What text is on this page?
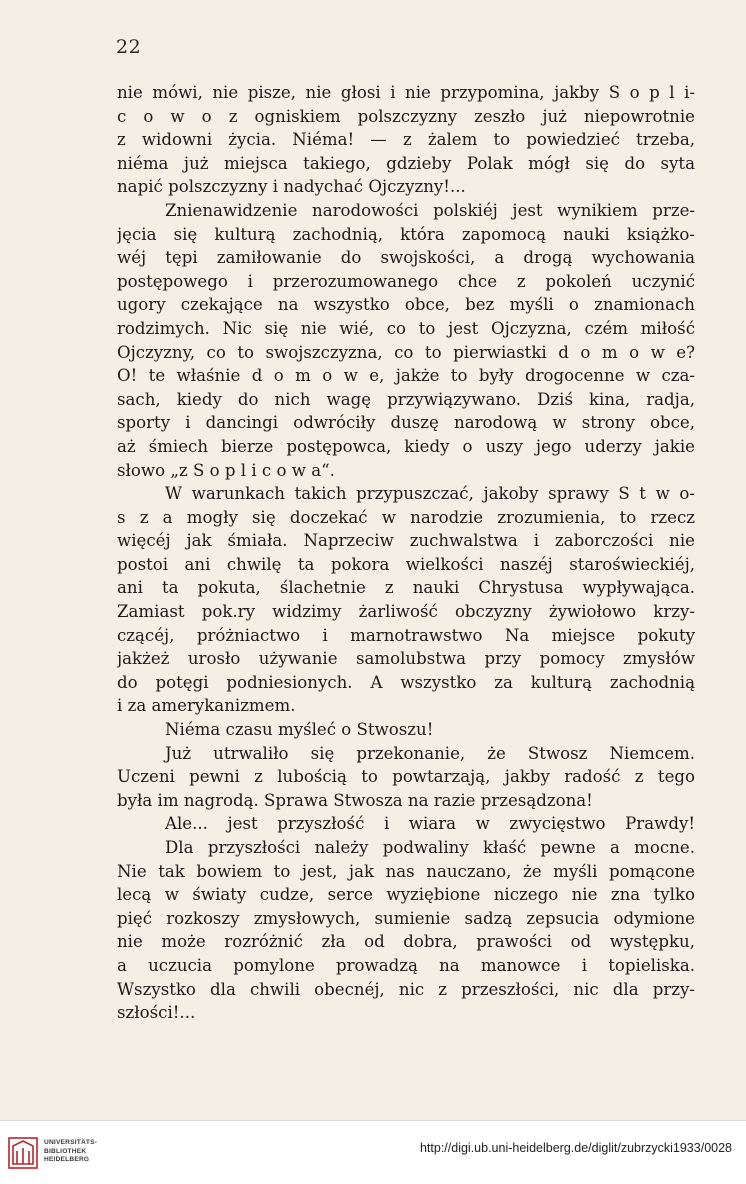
22
nie mówi, nie pisze, nie głosi i nie przypomina, jakby S o p l i-
c o w o z ogniskiem polszczyzny zeszło już niepowrotnie
z widowni życia. Niéma! — z żalem to powiedzieć trzeba,
niéma już miejsca takiego, gdzieby Polak mógł się do syta
napić polszczyzny i nadychać Ojczyzny!...
Znienawidzenie narodowości polskiéj jest wynikiem prze-
jęcia się kulturą zachodnią, która zapomocą nauki książko-
wéj tępi zamiłowanie do swojskości, a drogą wychowania
postępowego i przerozumowanego chce z pokoleń uczynić
ugory czekające na wszystko obce, bez myśli o znamionach
rodzimych. Nic się nie wié, co to jest Ojczyzna, czém miłość
Ojczyzny, co to swojszczyzna, co to pierwiastki d o m o w e?
O! te właśnie d o m o w e, jakże to były drogocenne w cza-
sach, kiedy do nich wagę przywiązywano. Dziś kina, radja,
sporty i dancingi odwróciły duszę narodową w strony obce,
aż śmiech bierze postępowca, kiedy o uszy jego uderzy jakie
słowo „z S o p l i c o w a“.
W warunkach takich przypuszczać, jakoby sprawy S t w o-
s z a mogły się doczekać w narodzie zrozumienia, to rzecz
więcéj jak śmiała. Naprzeciw zuchwalstwa i zaborczości nie
postoi ani chwilę ta pokora wielkości naszéj staroświeckiéj,
ani ta pokuta, ślachetnie z nauki Chrystusa wypływająca.
Zamiast pok.ry widzimy żarliwość obczyzny żywiołowo krzy-
czącéj, próżniactwo i marnotrawstwo Na miejsce pokuty
jakżeż urosło używanie samolubstwa przy pomocy zmysłów
do potęgi podniesionych. A wszystko za kulturą zachodnią
i za amerykanizmem.
Niéma czasu myśleć o Stwoszu!
Już utrwaliło się przekonanie, że Stwosz Niemcem.
Uczeni pewni z lubością to powtarzają, jakby radość z tego
była im nagrodą. Sprawa Stwosza na razie przesądzona!
Ale... jest przyszłość i wiara w zwycięstwo Prawdy!
Dla przyszłości należy podwaliny kłaść pewne a mocne.
Nie tak bowiem to jest, jak nas nauczano, że myśli pomącone
lecą w światy cudze, serce wyziębione niczego nie zna tylko
pięć rozkoszy zmysłowych, sumienie sadzą zepsucia odymione
nie może rozróżnić zła od dobra, prawości od występku,
a uczucia pomylone prowadzą na manowce i topieliska.
Wszystko dla chwili obecnéj, nic z przeszłości, nic dla przy-
szłości!...
UNIVERSITÄTS-
BIBLIOTHEK
HEIDELBERG
http://digi.ub.uni-heidelberg.de/diglit/zubrzycki1933/0028
